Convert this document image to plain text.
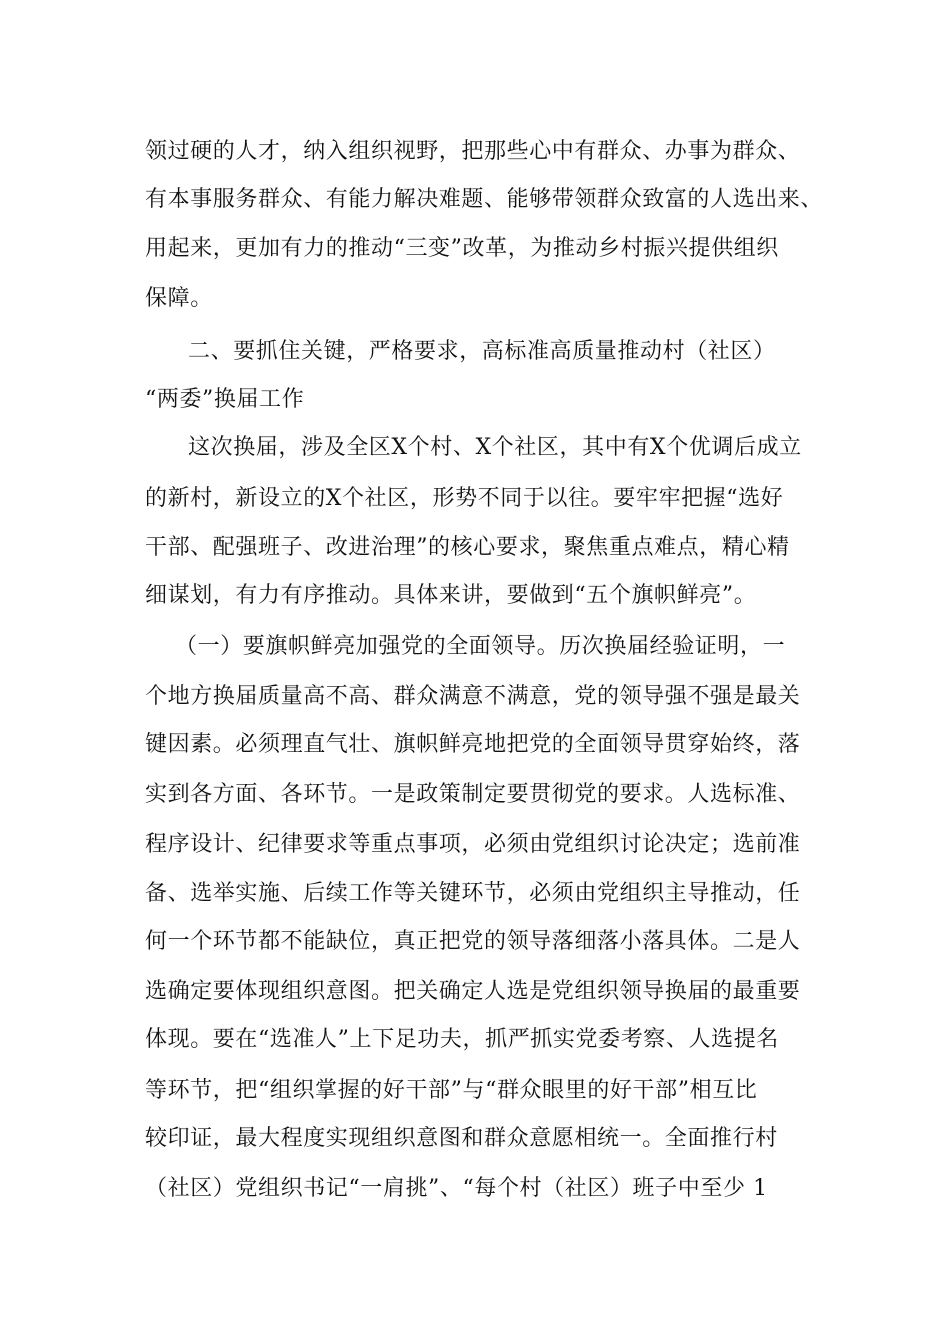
领过硬的人才，纳入组织视野，把那些心中有群众、办事为群众、
有本事服务群众、有能力解决难题、能够带领群众致富的人选出来、
用起来，更加有力的推动“三变”改革，为推动乡村振兴提供组织
保障。
二、要抓住关键，严格要求，高标准高质量推动村（社区）
“两委”换届工作
这次换届，涉及全区X个村、X个社区，其中有X个优调后成立
的新村，新设立的X个社区，形势不同于以往。要牢牢把握“选好
干部、配强班子、改进治理”的核心要求，聚焦重点难点，精心精
细谋划，有力有序推动。具体来讲，要做到“五个旗帜鲜亮”。
（一）要旗帜鲜亮加强党的全面领导。历次换届经验证明，一
个地方换届质量高不高、群众满意不满意，党的领导强不强是最关
键因素。必须理直气壮、旗帜鲜亮地把党的全面领导贯穿始终，落
实到各方面、各环节。一是政策制定要贯彻党的要求。人选标准、
程序设计、纪律要求等重点事项，必须由党组织讨论决定；选前准
备、选举实施、后续工作等关键环节，必须由党组织主导推动，任
何一个环节都不能缺位，真正把党的领导落细落小落具体。二是人
选确定要体现组织意图。把关确定人选是党组织领导换届的最重要
体现。要在“选准人”上下足功夫，抓严抓实党委考察、人选提名
等环节，把“组织掌握的好干部”与“群众眼里的好干部”相互比
较印证，最大程度实现组织意图和群众意愿相统一。全面推行村
（社区）党组织书记“一肩挑”、“每个村（社区）班子中至少 1
